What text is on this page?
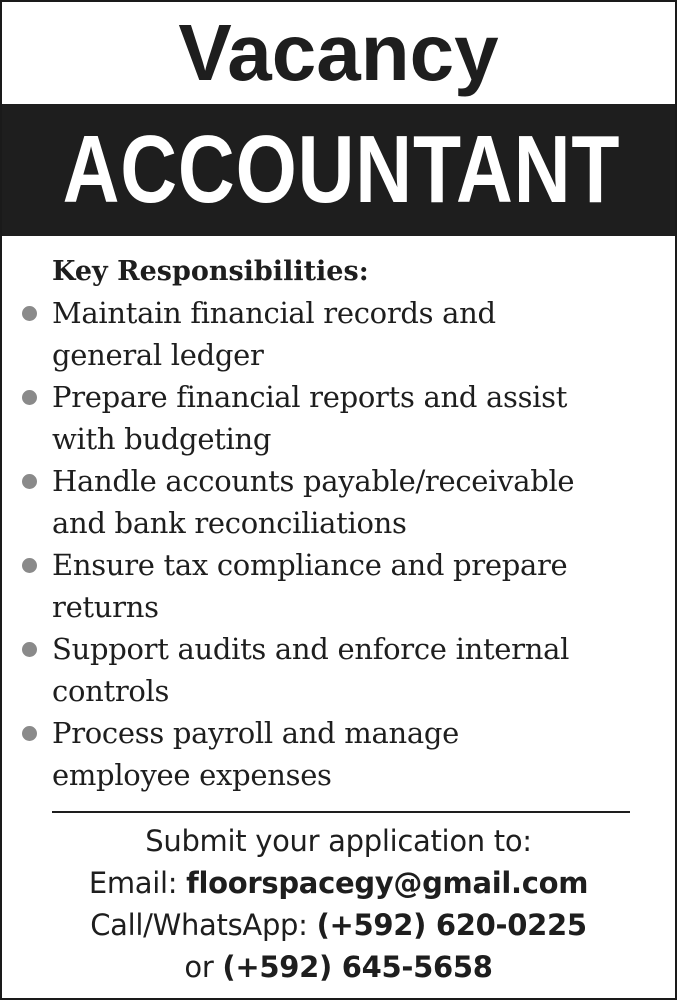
Vacancy
ACCOUNTANT
Key Responsibilities:
Maintain financial records and
general ledger
Prepare financial reports and assist
with budgeting
Handle accounts payable/receivable
and bank reconciliations
Ensure tax compliance and prepare
returns
Support audits and enforce internal
controls
Process payroll and manage
employee expenses
Submit your application to:
Email: floorspacegy@gmail.com
Call/WhatsApp: (+592) 620-0225
or (+592) 645-5658
